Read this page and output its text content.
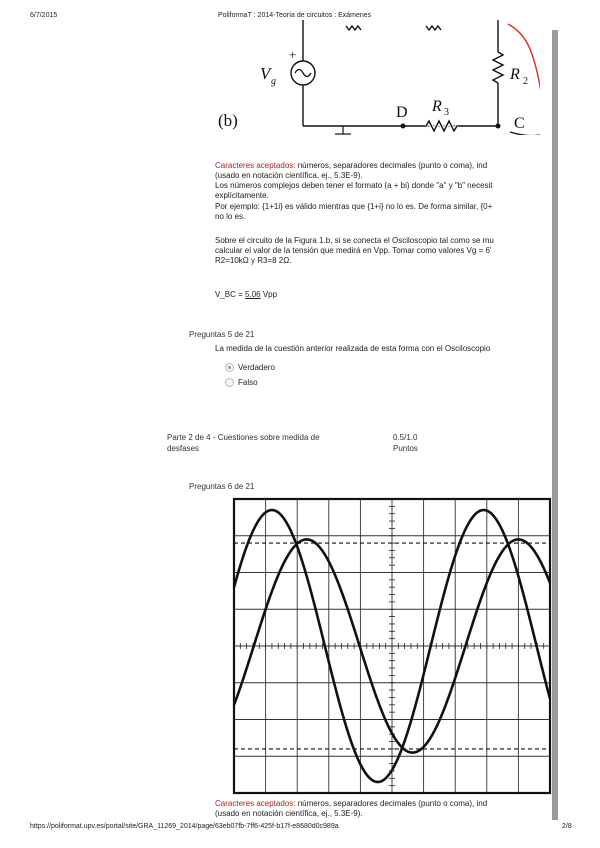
6/7/2015	PoliformaT : 2014-Teoría de circuitos : Exámenes
+
V g
(b)	D R 3
C
R 2
Caracteres aceptados: números, separadores decimales (punto o coma), ind
(usado en notación científica, ej., 5.3E-9).
Los números complejos deben tener el formato (a + bi) donde "a" y "b" necesit
explícitamente.
Por ejemplo: {1+1i} es válido mientras que {1+i} no lo es. De forma similar, {0+
no lo es.
Sobre el circuito de la Figura 1.b, si se conecta el Osciloscopio tal como se mu
calcular el valor de la tensión que medirá en Vpp. Tomar como valores Vg = 6'
R2=10kΩ y R3=8 2Ω.
V_BC = 5.06 Vpp
Preguntas 5 de 21
La medida de la cuestión anterior realizada de esta forma con el Osciloscopio
Verdadero
Falso
Parte 2 de 4 - Cuestiones sobre medida de
desfases
0.5/1.0
Puntos
Preguntas 6 de 21
Caracteres aceptados: números, separadores decimales (punto o coma), ind
(usado en notación científica, ej., 5.3E-9).
https://poliformat.upv.es/portal/site/GRA_11269_2014/page/63eb07fb-7ff6-425f-b17f-e8680d0c989a	2/8
